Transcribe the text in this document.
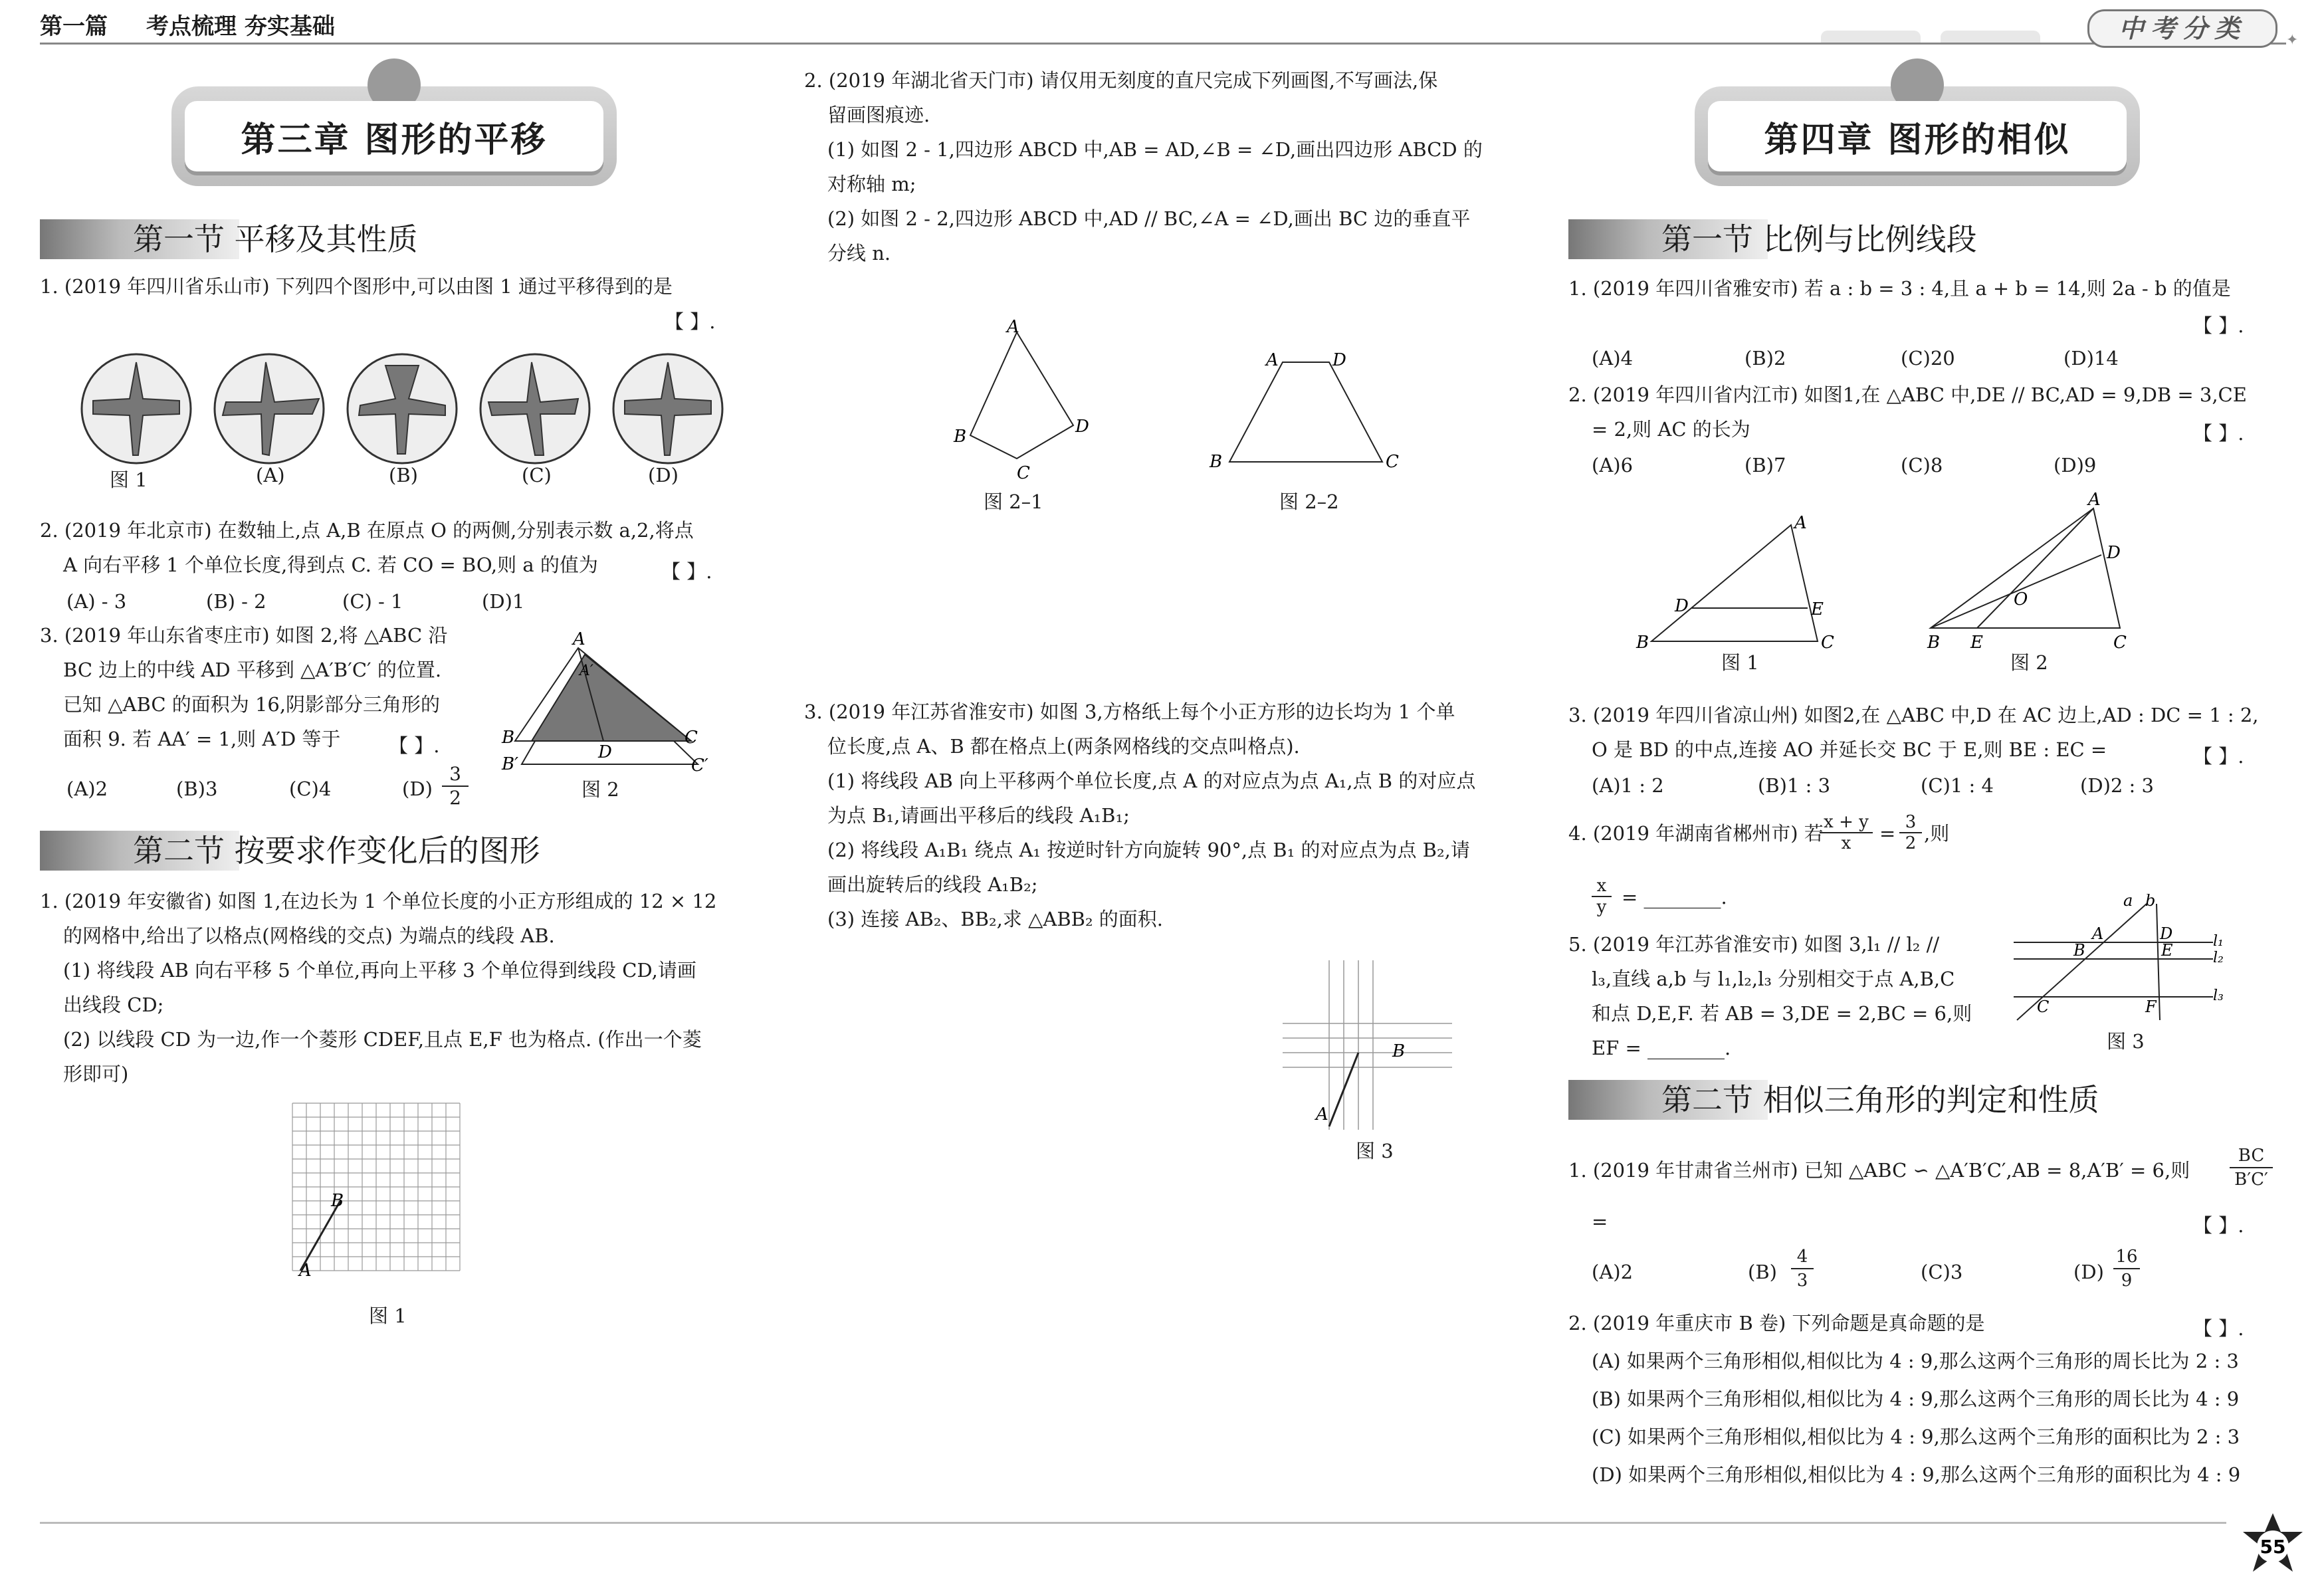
第一篇 考点梳理 夯实基础	中考分类	✦
第三章 图形的平移
第一节 平移及其性质
1. (2019 年四川省乐山市) 下列四个图形中,可以由图 1 通过平移得到的是
【 】.
图 1	(A)	(B)	(C)	(D)
2. (2019 年北京市) 在数轴上,点 A,B 在原点 O 的两侧,分别表示数 a,2,将点
A 向右平移 1 个单位长度,得到点 C. 若 CO = BO,则 a 的值为	【 】.
(A) - 3	(B) - 2	(C) - 1	(D)1
3. (2019 年山东省枣庄市) 如图 2,将 △ABC 沿
BC 边上的中线 AD 平移到 △A′B′C′ 的位置.
已知 △ABC 的面积为 16,阴影部分三角形的
面积 9. 若 AA′ = 1,则 A′D 等于	【 】.
(A)2	(B)3	(C)4	$(D) \frac{3}{2}$
A
A′
B
B′
D
C
C′
图 2
第二节 按要求作变化后的图形
1. (2019 年安徽省) 如图 1,在边长为 1 个单位长度的小正方形组成的 12 × 12
的网格中,给出了以格点(网格线的交点) 为端点的线段 AB.
(1) 将线段 AB 向右平移 5 个单位,再向上平移 3 个单位得到线段 CD,请画
出线段 CD;
(2) 以线段 CD 为一边,作一个菱形 CDEF,且点 E,F 也为格点. (作出一个菱
形即可)
A
B
图 1
2. (2019 年湖北省天门市) 请仅用无刻度的直尺完成下列画图,不写画法,保
留画图痕迹.
(1) 如图 2 - 1,四边形 ABCD 中,AB = AD,∠B = ∠D,画出四边形 ABCD 的
对称轴 m;
(2) 如图 2 - 2,四边形 ABCD 中,AD // BC,∠A = ∠D,画出 BC 边的垂直平
分线 n.
A
B
C
D
图 2–1
A	D
B	C
图 2–2
3. (2019 年江苏省淮安市) 如图 3,方格纸上每个小正方形的边长均为 1 个单
位长度,点 A、B 都在格点上(两条网格线的交点叫格点).
(1) 将线段 AB 向上平移两个单位长度,点 A 的对应点为点 A₁,点 B 的对应点
为点 B₁,请画出平移后的线段 A₁B₁;
(2) 将线段 A₁B₁ 绕点 A₁ 按逆时针方向旋转 90°,点 B₁ 的对应点为点 B₂,请
画出旋转后的线段 A₁B₂;
(3) 连接 AB₂、BB₂,求 △ABB₂ 的面积.
A
B
图 3
第四章 图形的相似
第一节 比例与比例线段
1. (2019 年四川省雅安市) 若 a : b = 3 : 4,且 a + b = 14,则 2a - b 的值是
【 】.
(A)4	(B)2	(C)20	(D)14
2. (2019 年四川省内江市) 如图1,在 △ABC 中,DE // BC,AD = 9,DB = 3,CE
= 2,则 AC 的长为	【 】.
(A)6	(B)7	(C)8	(D)9
A
D	E
B	C
图 1
A
D
O
B E	C
图 2
3. (2019 年四川省凉山州) 如图2,在 △ABC 中,D 在 AC 边上,AD : DC = 1 : 2,
O 是 BD 的中点,连接 AO 并延长交 BC 于 E,则 BE : EC =	【 】.
(A)1 : 2	(B)1 : 3	(C)1 : 4	(D)2 : 3
4. (2019 年湖南省郴州市) 若
$\frac{x + y}{x} = \frac{3}{2}$ ,则
$\frac{x}{y}$ = ________.
5. (2019 年江苏省淮安市) 如图 3,l₁ // l₂ //
l₃,直线 a,b 与 l₁,l₂,l₃ 分别相交于点 A,B,C
和点 D,E,F. 若 AB = 3,DE = 2,BC = 6,则
EF = ________.
a b
A
B
C
D
E
F
l₁
l₂
l₃
图 3
第二节 相似三角形的判定和性质
1. (2019 年甘肃省兰州市) 已知 △ABC ∽ △A′B′C′,AB = 8,A′B′ = 6,则 $\frac{BC}{B'C'}$
=	【 】.
(A)2	$(B) \frac{4}{3}$	(C)3	$(D) \frac{16}{9}$
2. (2019 年重庆市 B 卷) 下列命题是真命题的是	【 】.
(A) 如果两个三角形相似,相似比为 4 : 9,那么这两个三角形的周长比为 2 : 3
(B) 如果两个三角形相似,相似比为 4 : 9,那么这两个三角形的周长比为 4 : 9
(C) 如果两个三角形相似,相似比为 4 : 9,那么这两个三角形的面积比为 2 : 3
(D) 如果两个三角形相似,相似比为 4 : 9,那么这两个三角形的面积比为 4 : 9
55
